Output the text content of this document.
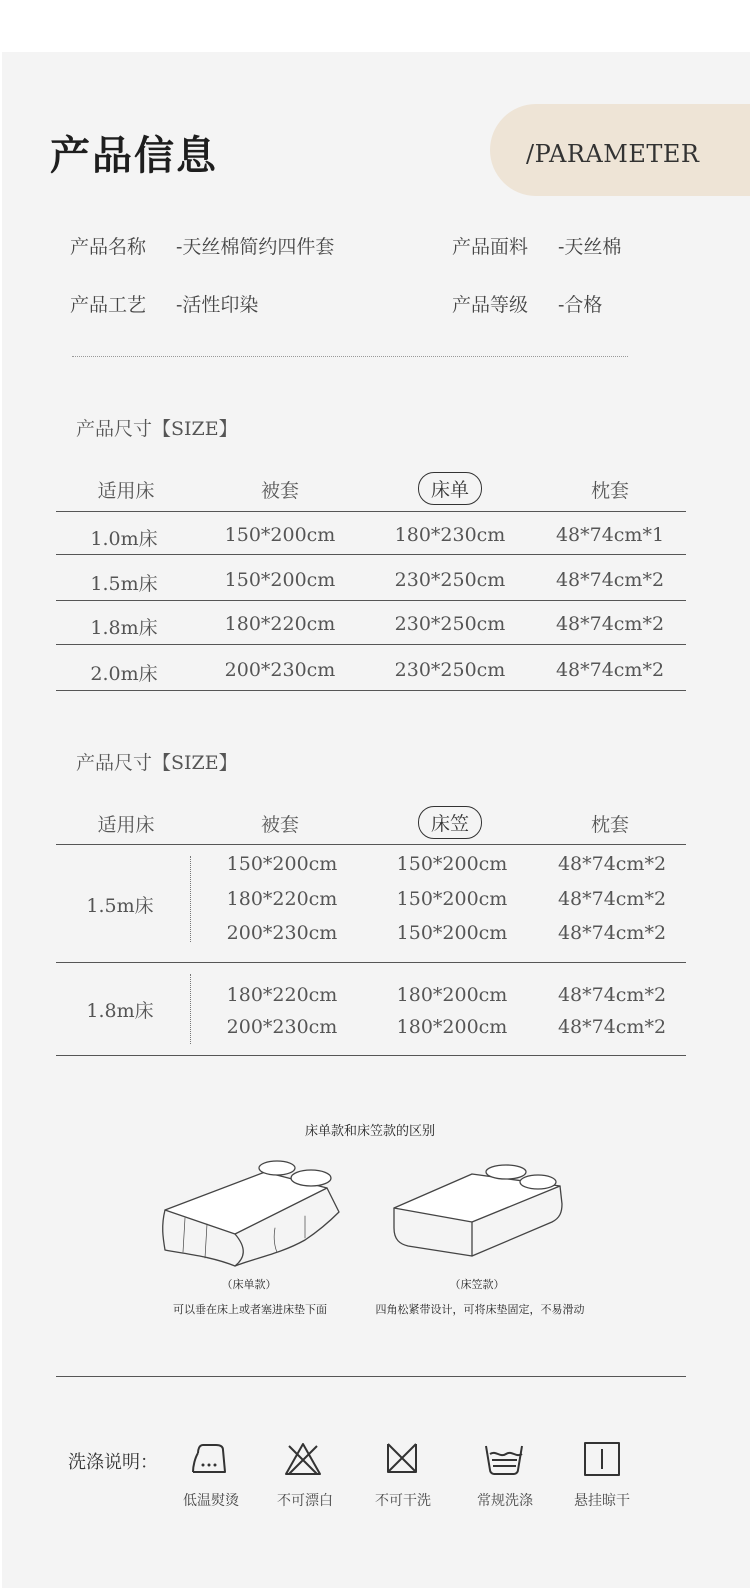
产品信息	/PARAMETER
产品名称 -天丝棉简约四件套	产品面料 -天丝棉
产品工艺 -活性印染	产品等级 -合格
产品尺寸【SIZE】
适用床	被套	床单	枕套
1.0m床	150*200cm	180*230cm	48*74cm*1
1.5m床	150*200cm	230*250cm	48*74cm*2
1.8m床	180*220cm	230*250cm	48*74cm*2
2.0m床	200*230cm	230*250cm	48*74cm*2
产品尺寸【SIZE】
适用床	被套	床笠	枕套
1.5m床
150*200cm	150*200cm	48*74cm*2
180*220cm	150*200cm	48*74cm*2
200*230cm	150*200cm	48*74cm*2
1.8m床
180*220cm	180*200cm	48*74cm*2
200*230cm	180*200cm	48*74cm*2
床单款和床笠款的区别
（床单款）
可以垂在床上或者塞进床垫下面
（床笠款）
四角松紧带设计，可将床垫固定，不易滑动
洗涤说明：
低温熨烫	不可漂白	不可干洗	常规洗涤	悬挂晾干
